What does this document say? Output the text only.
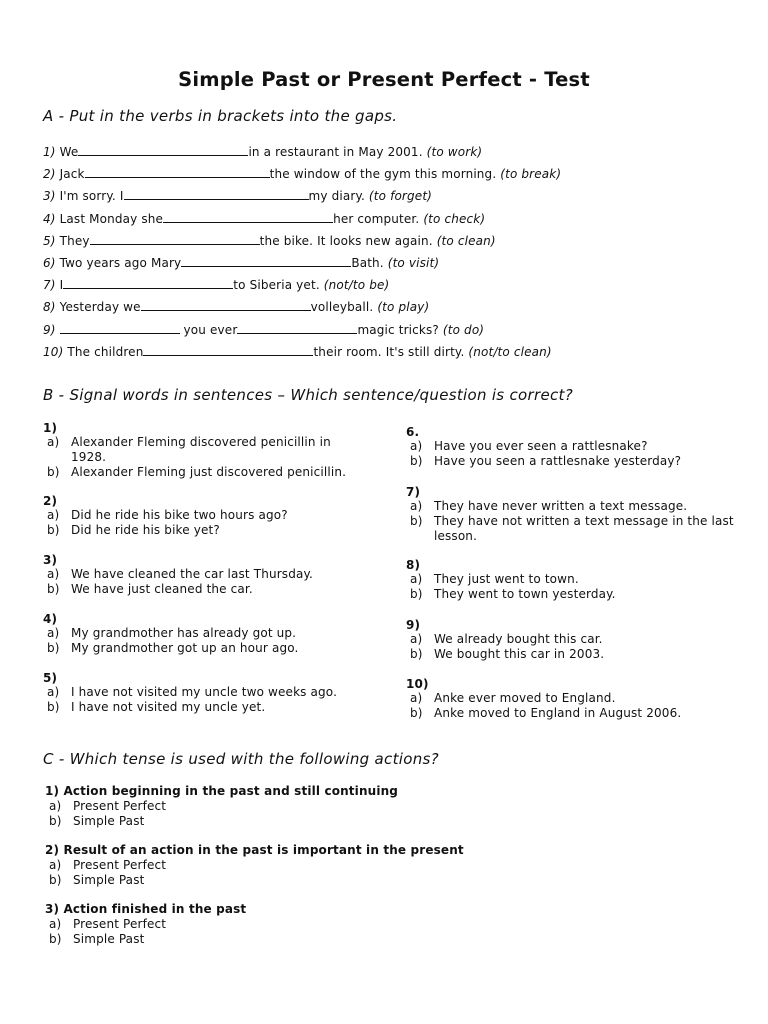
Simple Past or Present Perfect - Test
A - Put in the verbs in brackets into the gaps.
1) We	in a restaurant in May 2001. (to work)
2) Jack	the window of the gym this morning. (to break)
3) I'm sorry. I	my diary. (to forget)
4) Last Monday she	her computer. (to check)
5) They	the bike. It looks new again. (to clean)
6) Two years ago Mary	Bath. (to visit)
7) I	to Siberia yet. (not/to be)
8) Yesterday we	volleyball. (to play)
9)	you ever	magic tricks? (to do)
10) The children	their room. It's still dirty. (not/to clean)
B - Signal words in sentences – Which sentence/question is correct?
1)
a) Alexander Fleming discovered penicillin in 1928.
b) Alexander Fleming just discovered penicillin.
2)
a) Did he ride his bike two hours ago?
b) Did he ride his bike yet?
3)
a) We have cleaned the car last Thursday.
b) We have just cleaned the car.
4)
a) My grandmother has already got up.
b) My grandmother got up an hour ago.
5)
a) I have not visited my uncle two weeks ago.
b) I have not visited my uncle yet.
6.
a) Have you ever seen a rattlesnake?
b) Have you seen a rattlesnake yesterday?
7)
a) They have never written a text message.
b) They have not written a text message in the last lesson.
8)
a) They just went to town.
b) They went to town yesterday.
9)
a) We already bought this car.
b) We bought this car in 2003.
10)
a) Anke ever moved to England.
b) Anke moved to England in August 2006.
C - Which tense is used with the following actions?
1) Action beginning in the past and still continuing
a) Present Perfect
b) Simple Past
2) Result of an action in the past is important in the present
a) Present Perfect
b) Simple Past
3) Action finished in the past
a) Present Perfect
b) Simple Past
